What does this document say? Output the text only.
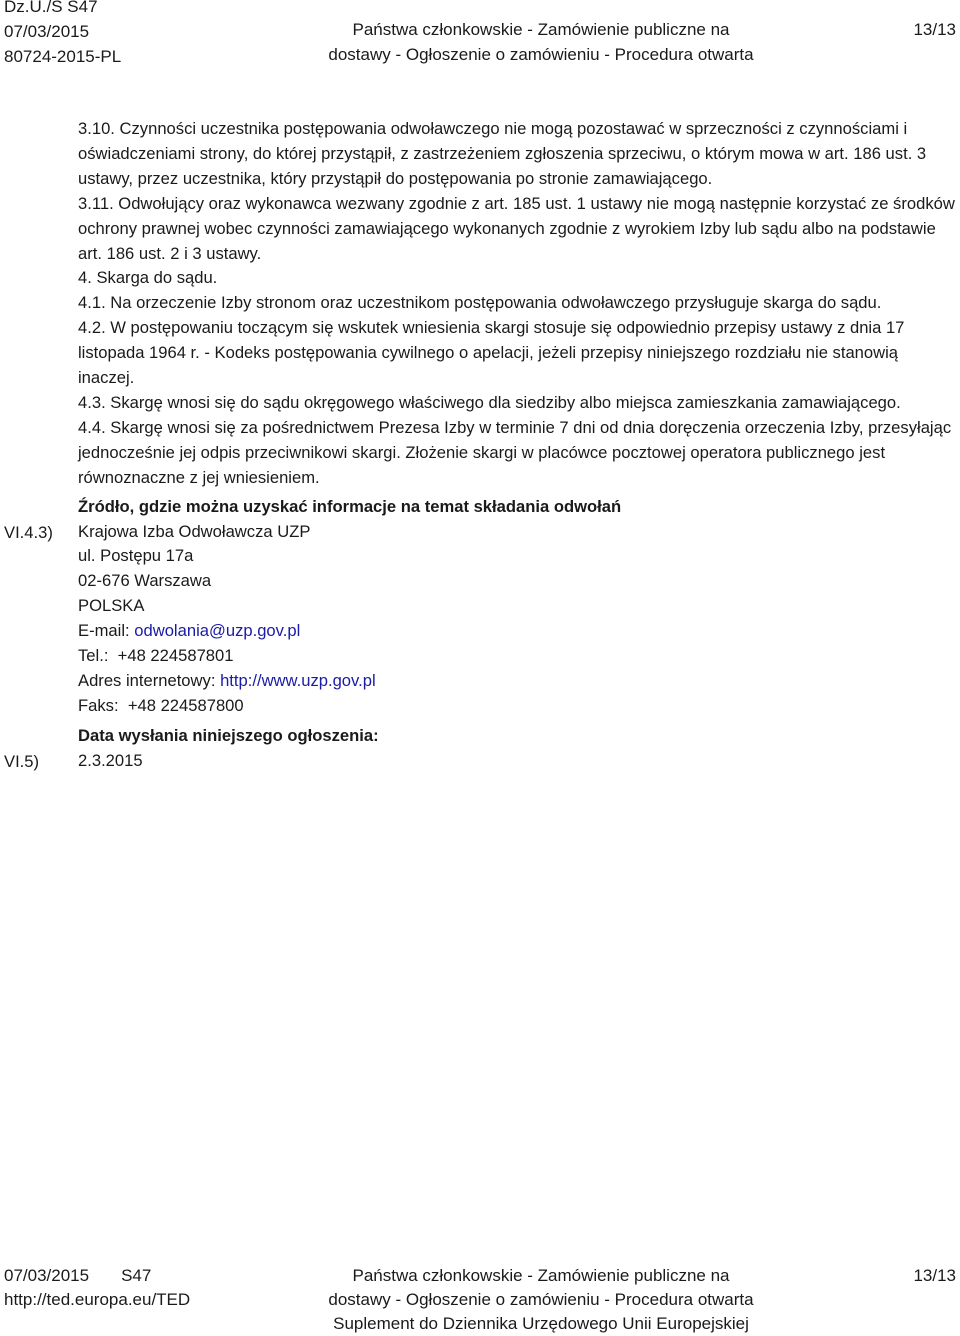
Dz.U./S S47
07/03/2015
80724-2015-PL
Państwa członkowskie - Zamówienie publiczne na
dostawy - Ogłoszenie o zamówieniu - Procedura otwarta
13/13

3.10. Czynności uczestnika postępowania odwoławczego nie mogą pozostawać w sprzeczności z czynnościami i oświadczeniami strony, do której przystąpił, z zastrzeżeniem zgłoszenia sprzeciwu, o którym mowa w art. 186 ust. 3 ustawy, przez uczestnika, który przystąpił do postępowania po stronie zamawiającego.

3.11. Odwołujący oraz wykonawca wezwany zgodnie z art. 185 ust. 1 ustawy nie mogą następnie korzystać ze środków ochrony prawnej wobec czynności zamawiającego wykonanych zgodnie z wyrokiem Izby lub sądu albo na podstawie art. 186 ust. 2 i 3 ustawy.

4. Skarga do sądu.

4.1. Na orzeczenie Izby stronom oraz uczestnikom postępowania odwoławczego przysługuje skarga do sądu.

4.2. W postępowaniu toczącym się wskutek wniesienia skargi stosuje się odpowiednio przepisy ustawy z dnia 17 listopada 1964 r. - Kodeks postępowania cywilnego o apelacji, jeżeli przepisy niniejszego rozdziału nie stanowią inaczej.

4.3. Skargę wnosi się do sądu okręgowego właściwego dla siedziby albo miejsca zamieszkania zamawiającego.

4.4. Skargę wnosi się za pośrednictwem Prezesa Izby w terminie 7 dni od dnia doręczenia orzeczenia Izby, przesyłając jednocześnie jej odpis przeciwnikowi skargi. Złożenie skargi w placówce pocztowej operatora publicznego jest równoznaczne z jej wniesieniem.

Źródło, gdzie można uzyskać informacje na temat składania odwołań

Krajowa Izba Odwoławcza UZP

ul. Postępu 17a

02-676 Warszawa

POLSKA

E-mail: odwolania@uzp.gov.pl

Tel.: +48 224587801

Adres internetowy: http://www.uzp.gov.pl

Faks: +48 224587800

Data wysłania niniejszego ogłoszenia:

2.3.2015

VI.4.3)
VI.5)
07/03/2015 S47
http://ted.europa.eu/TED
Państwa członkowskie - Zamówienie publiczne na
dostawy - Ogłoszenie o zamówieniu - Procedura otwarta
Suplement do Dziennika Urzędowego Unii Europejskiej
13/13
